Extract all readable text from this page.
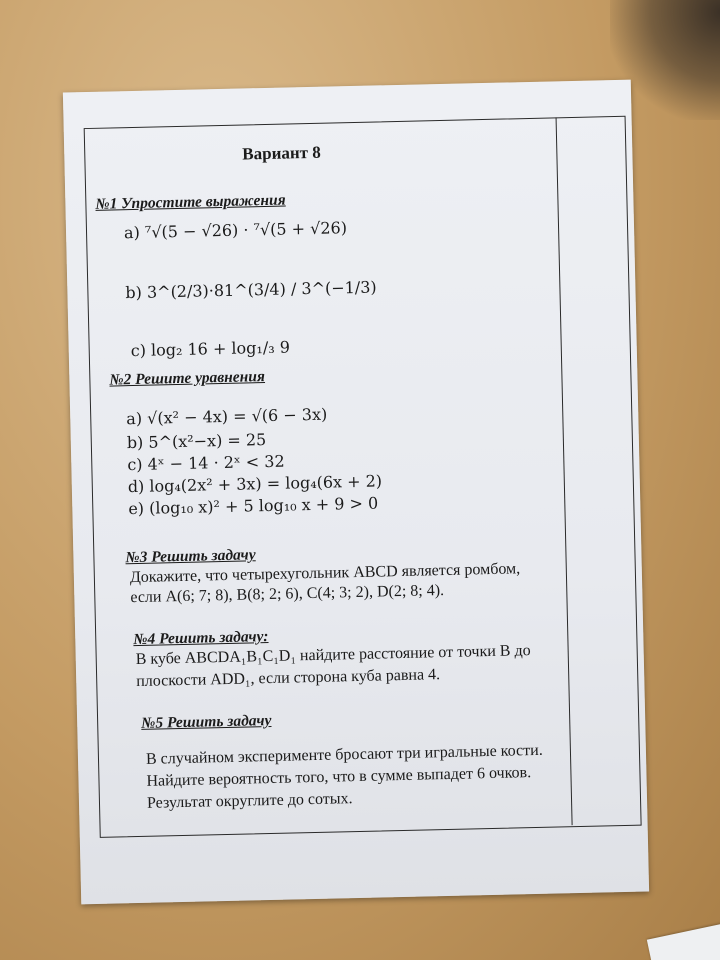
Вариант 8
№1 Упростите выражения
a) ⁷√(5 − √26) · ⁷√(5 + √26)
b) 3^(2/3)·81^(3/4) / 3^(−1/3)
c) log₂ 16 + log₁/₃ 9
№2 Решите уравнения
a) √(x² − 4x) = √(6 − 3x)
b) 5^(x²−x) = 25
c) 4ˣ − 14 · 2ˣ < 32
d) log₄(2x² + 3x) = log₄(6x + 2)
e) (log₁₀ x)² + 5 log₁₀ x + 9 > 0
№3 Решить задачу
Докажите, что четырехугольник ABCD является ромбом,
если A(6; 7; 8), B(8; 2; 6), C(4; 3; 2), D(2; 8; 4).
№4 Решить задачу:
В кубе ABCDA₁B₁C₁D₁ найдите расстояние от точки B до
плоскости ADD₁, если сторона куба равна 4.
№5 Решить задачу
В случайном эксперименте бросают три игральные кости.
Найдите вероятность того, что в сумме выпадет 6 очков.
Результат округлите до сотых.
